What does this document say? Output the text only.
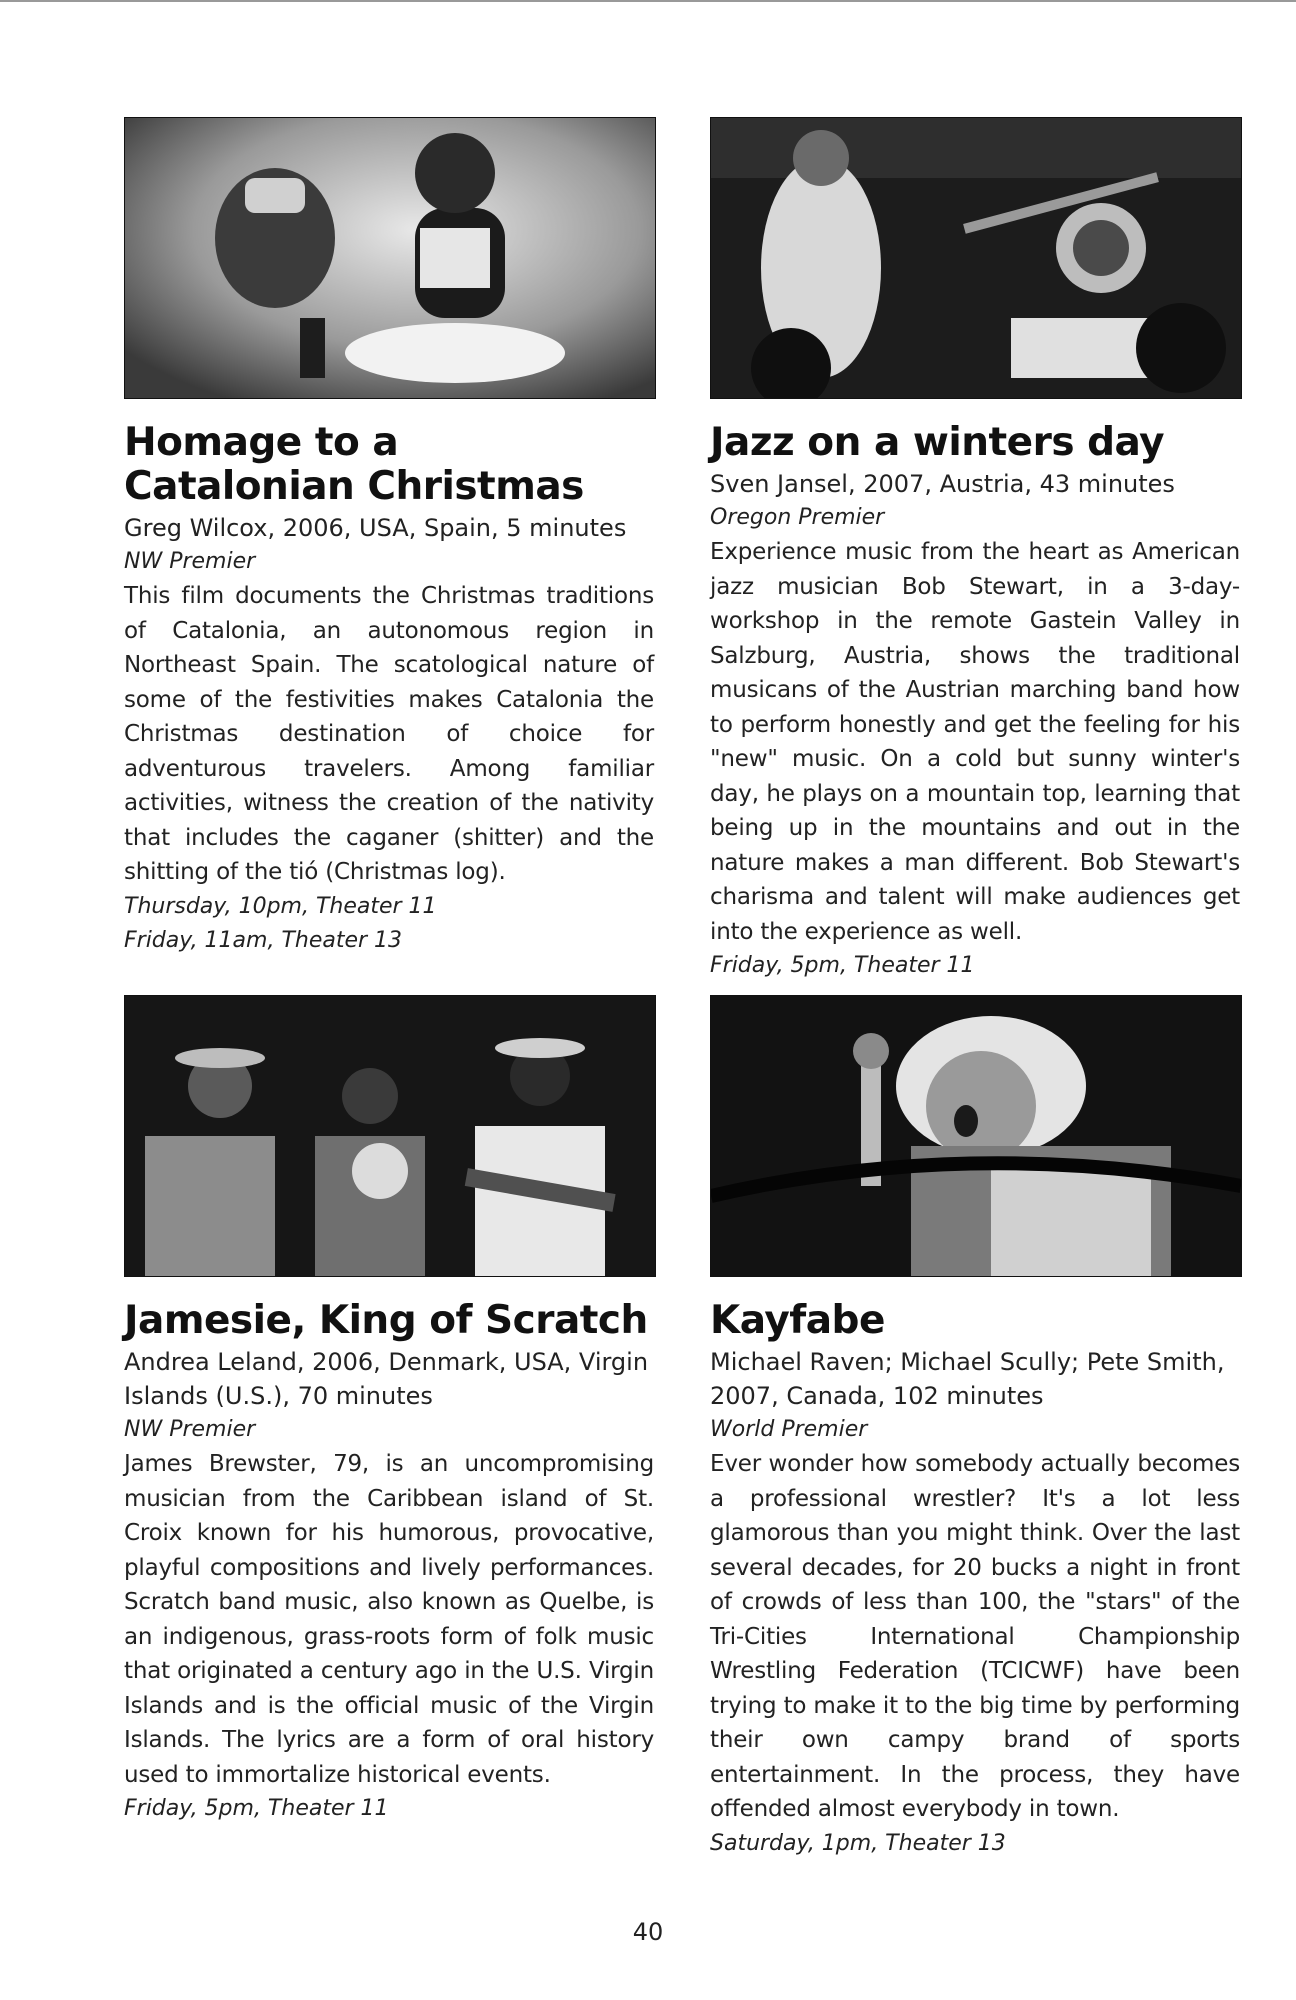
Homage to a
Catalonian Christmas

Greg Wilcox, 2006, USA, Spain, 5 minutes

NW Premier

This film documents the Christmas traditions of Catalonia, an autonomous region in Northeast Spain. The scatological nature of some of the festivities makes Catalonia the Christmas destination of choice for adventurous travelers. Among familiar activities, witness the creation of the nativity that includes the caganer (shitter) and the shitting of the tió (Christmas log).

Thursday, 10pm, Theater 11

Friday, 11am, Theater 13

Jazz on a winters day

Sven Jansel, 2007, Austria, 43 minutes

Oregon Premier

Experience music from the heart as American jazz musician Bob Stewart, in a 3-day-workshop in the remote Gastein Valley in Salzburg, Austria, shows the traditional musicans of the Austrian marching band how to perform honestly and get the feeling for his "new" music. On a cold but sunny winter's day, he plays on a mountain top, learning that being up in the mountains and out in the nature makes a man different. Bob Stewart's charisma and talent will make audiences get into the experience as well.

Friday, 5pm, Theater 11

Jamesie, King of Scratch

Andrea Leland, 2006, Denmark, USA, Virgin Islands (U.S.), 70 minutes

NW Premier

James Brewster, 79, is an uncompromising musician from the Caribbean island of St. Croix known for his humorous, provocative, playful compositions and lively performances. Scratch band music, also known as Quelbe, is an indigenous, grass-roots form of folk music that originated a century ago in the U.S. Virgin Islands and is the official music of the Virgin Islands. The lyrics are a form of oral history used to immortalize historical events.

Friday, 5pm, Theater 11

Kayfabe

Michael Raven; Michael Scully; Pete Smith, 2007, Canada, 102 minutes

World Premier

Ever wonder how somebody actually becomes a professional wrestler? It's a lot less glamorous than you might think. Over the last several decades, for 20 bucks a night in front of crowds of less than 100, the "stars" of the Tri-Cities International Championship Wrestling Federation (TCICWF) have been trying to make it to the big time by performing their own campy brand of sports entertainment. In the process, they have offended almost everybody in town.

Saturday, 1pm, Theater 13

40
